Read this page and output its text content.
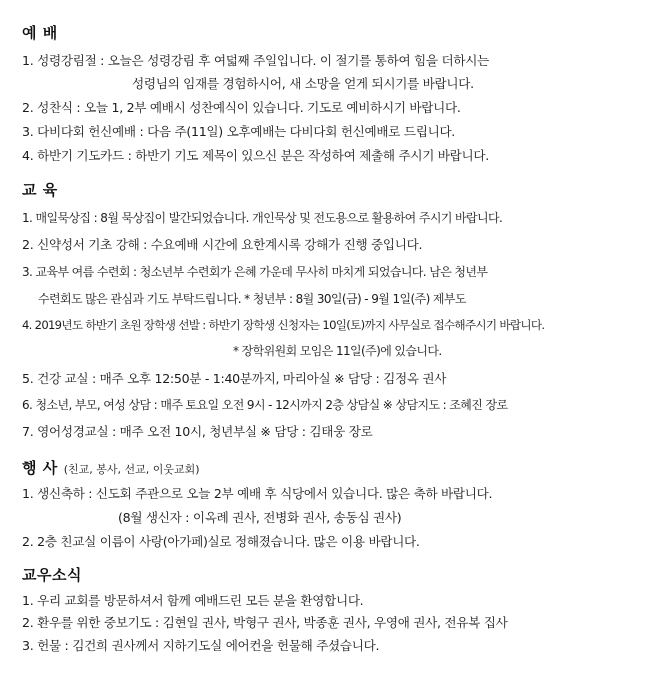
예 배
1. 성령강림절 : 오늘은 성령강림 후 여덟째 주일입니다. 이 절기를 통하여 힘을 더하시는
성령님의 임재를 경험하시어, 새 소망을 얻게 되시기를 바랍니다.
2. 성찬식 : 오늘 1, 2부 예배시 성찬예식이 있습니다. 기도로 예비하시기 바랍니다.
3. 다비다회 헌신예배 : 다음 주(11일) 오후예배는 다비다회 헌신예배로 드립니다.
4. 하반기 기도카드 : 하반기 기도 제목이 있으신 분은 작성하여 제출해 주시기 바랍니다.
교 육
1. 매일묵상집 : 8월 묵상집이 발간되었습니다. 개인묵상 및 전도용으로 활용하여 주시기 바랍니다.
2. 신약성서 기초 강해 : 수요예배 시간에 요한계시록 강해가 진행 중입니다.
3. 교육부 여름 수련회 : 청소년부 수련회가 은혜 가운데 무사히 마치게 되었습니다. 남은 청년부
수련회도 많은 관심과 기도 부탁드립니다. * 청년부 : 8월 30일(금) - 9월 1일(주) 제부도
4. 2019년도 하반기 초원 장학생 선발 : 하반기 장학생 신청자는 10일(토)까지 사무실로 접수해주시기 바랍니다.
* 장학위원회 모임은 11일(주)에 있습니다.
5. 건강 교실 : 매주 오후 12:50분 - 1:40분까지, 마리아실 ※ 담당 : 김정옥 권사
6. 청소년, 부모, 여성 상담 : 매주 토요일 오전 9시 - 12시까지 2층 상담실 ※ 상담지도 : 조혜진 장로
7. 영어성경교실 : 매주 오전 10시, 청년부실 ※ 담당 : 김태웅 장로
행 사 (친교, 봉사, 선교, 이웃교회)
1. 생신축하 : 신도회 주관으로 오늘 2부 예배 후 식당에서 있습니다. 많은 축하 바랍니다.
(8월 생신자 : 이옥례 권사, 전병화 권사, 송동심 권사)
2. 2층 친교실 이름이 사랑(아가페)실로 정해졌습니다. 많은 이용 바랍니다.
교우소식
1. 우리 교회를 방문하셔서 함께 예배드린 모든 분을 환영합니다.
2. 환우를 위한 중보기도 : 김현일 권사, 박형구 권사, 박종훈 권사, 우영애 권사, 전유복 집사
3. 헌물 : 김건희 권사께서 지하기도실 에어컨을 헌물해 주셨습니다.
